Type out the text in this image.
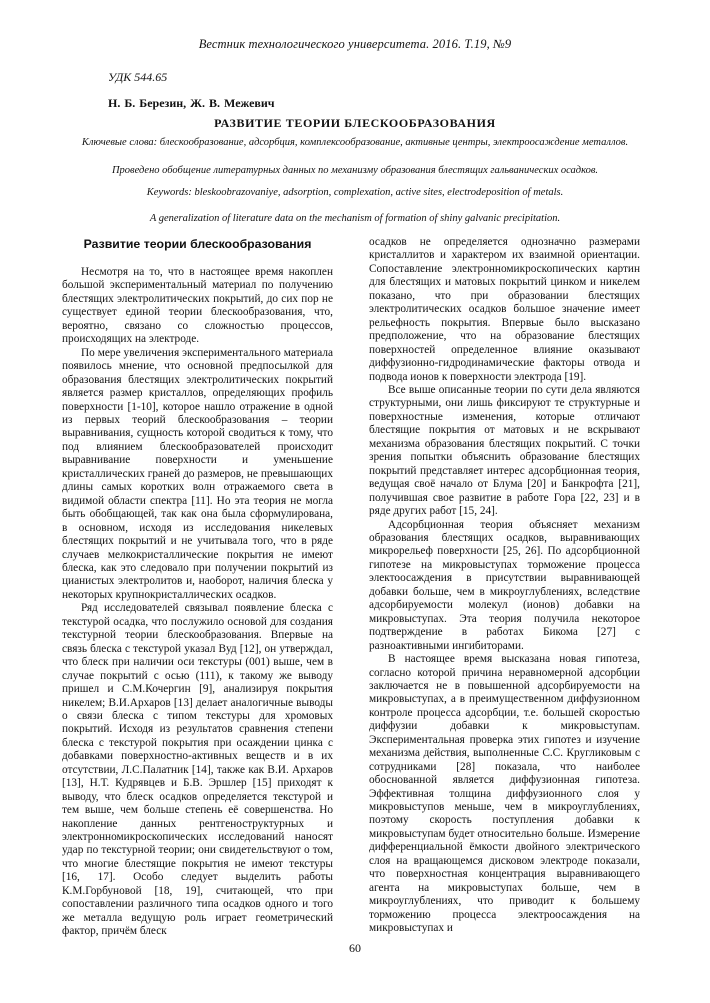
Вестник технологического университета. 2016. Т.19, №9
УДК 544.65
Н. Б. Березин, Ж. В. Межевич
РАЗВИТИЕ ТЕОРИИ БЛЕСКООБРАЗОВАНИЯ
Ключевые слова: блескообразование, адсорбция, комплексообразование, активные центры, электроосаждение металлов.
Проведено обобщение литературных данных по механизму образования блестящих гальванических осадков.
Keywords: bleskoobrazovaniye, adsorption, complexation, active sites, electrodeposition of metals.
A generalization of literature data on the mechanism of formation of shiny galvanic precipitation.
Развитие теории блескообразования

Несмотря на то, что в настоящее время накоплен большой экспериментальный материал по получению блестящих электролитических покрытий, до сих пор не существует единой теории блескообразования, что, вероятно, связано со сложностью процессов, происходящих на электроде.

По мере увеличения экспериментального материала появилось мнение, что основной предпосылкой для образования блестящих электролитических покрытий является размер кристаллов, определяющих профиль поверхности [1-10], которое нашло отражение в одной из первых теорий блескообразования – теории выравнивания, сущность которой сводиться к тому, что под влиянием блескообразователей происходит выравнивание поверхности и уменьшение кристаллических граней до размеров, не превышающих длины самых коротких волн отражаемого света в видимой области спектра [11]. Но эта теория не могла быть обобщающей, так как она была сформулирована, в основном, исходя из исследования никелевых блестящих покрытий и не учитывала того, что в ряде случаев мелкокристаллические покрытия не имеют блеска, как это следовало при получении покрытий из цианистых электролитов и, наоборот, наличия блеска у некоторых крупнокристаллических осадков.

Ряд исследователей связывал появление блеска с текстурой осадка, что послужило основой для создания текстурной теории блескообразования. Впервые на связь блеска с текстурой указал Вуд [12], он утверждал, что блеск при наличии оси текстуры (001) выше, чем в случае покрытий с осью (111), к такому же выводу пришел и С.М.Кочергин [9], анализируя покрытия никелем; В.И.Архаров [13] делает аналогичные выводы о связи блеска с типом текстуры для хромовых покрытий. Исходя из результатов сравнения степени блеска с текстурой покрытия при осаждении цинка с добавками поверхностно-активных веществ и в их отсутствии, Л.С.Палатник [14], также как В.И. Архаров [13], Н.Т. Кудрявцев и Б.В. Эршлер [15] приходят к выводу, что блеск осадков определяется текстурой и тем выше, чем больше степень её совершенства. Но накопление данных рентгеноструктурных и электронномикроскопических исследований наносят удар по текстурной теории; они свидетельствуют о том, что многие блестящие покрытия не имеют текстуры [16, 17]. Особо следует выделить работы К.М.Горбуновой [18, 19], считающей, что при сопоставлении различного типа осадков одного и того же металла ведущую роль играет геометрический фактор, причём блеск

осадков не определяется однозначно размерами кристаллитов и характером их взаимной ориентации. Сопоставление электронномикроскопических картин для блестящих и матовых покрытий цинком и никелем показано, что при образовании блестящих электролитических осадков большое значение имеет рельефность покрытия. Впервые было высказано предположение, что на образование блестящих поверхностей определенное влияние оказывают диффузионно-гидродинамические факторы отвода и подвода ионов к поверхности электрода [19].

Все выше описанные теории по сути дела являются структурными, они лишь фиксируют те структурные и поверхностные изменения, которые отличают блестящие покрытия от матовых и не вскрывают механизма образования блестящих покрытий. С точки зрения попытки объяснить образование блестящих покрытий представляет интерес адсорбционная теория, ведущая своё начало от Блума [20] и Банкрофта [21], получившая свое развитие в работе Гора [22, 23] и в ряде других работ [15, 24].

Адсорбционная теория объясняет механизм образования блестящих осадков, выравнивающих микрорельеф поверхности [25, 26]. По адсорбционной гипотезе на микровыступах торможение процесса электоосаждения в присутствии выравнивающей добавки больше, чем в микроуглублениях, вследствие адсорбируемости молекул (ионов) добавки на микровыступах. Эта теория получила некоторое подтверждение в работах Бикома [27] с разноактивными ингибиторами.

В настоящее время высказана новая гипотеза, согласно которой причина неравномерной адсорбции заключается не в повышенной адсорбируемости на микровыступах, а в преимущественном диффузионном контроле процесса адсорбции, т.е. большей скоростью диффузии добавки к микровыступам. Экспериментальная проверка этих гипотез и изучение механизма действия, выполненные С.С. Кругликовым с сотрудниками [28] показала, что наиболее обоснованной является диффузионная гипотеза. Эффективная толщина диффузионного слоя у микровыступов меньше, чем в микроуглублениях, поэтому скорость поступления добавки к микровыступам будет относительно больше. Измерение дифференциальной ёмкости двойного электрического слоя на вращающемся дисковом электроде показали, что поверхностная концентрация выравнивающего агента на микровыступах больше, чем в микроуглублениях, что приводит к большему торможению процесса электроосаждения на микровыступах и

60
